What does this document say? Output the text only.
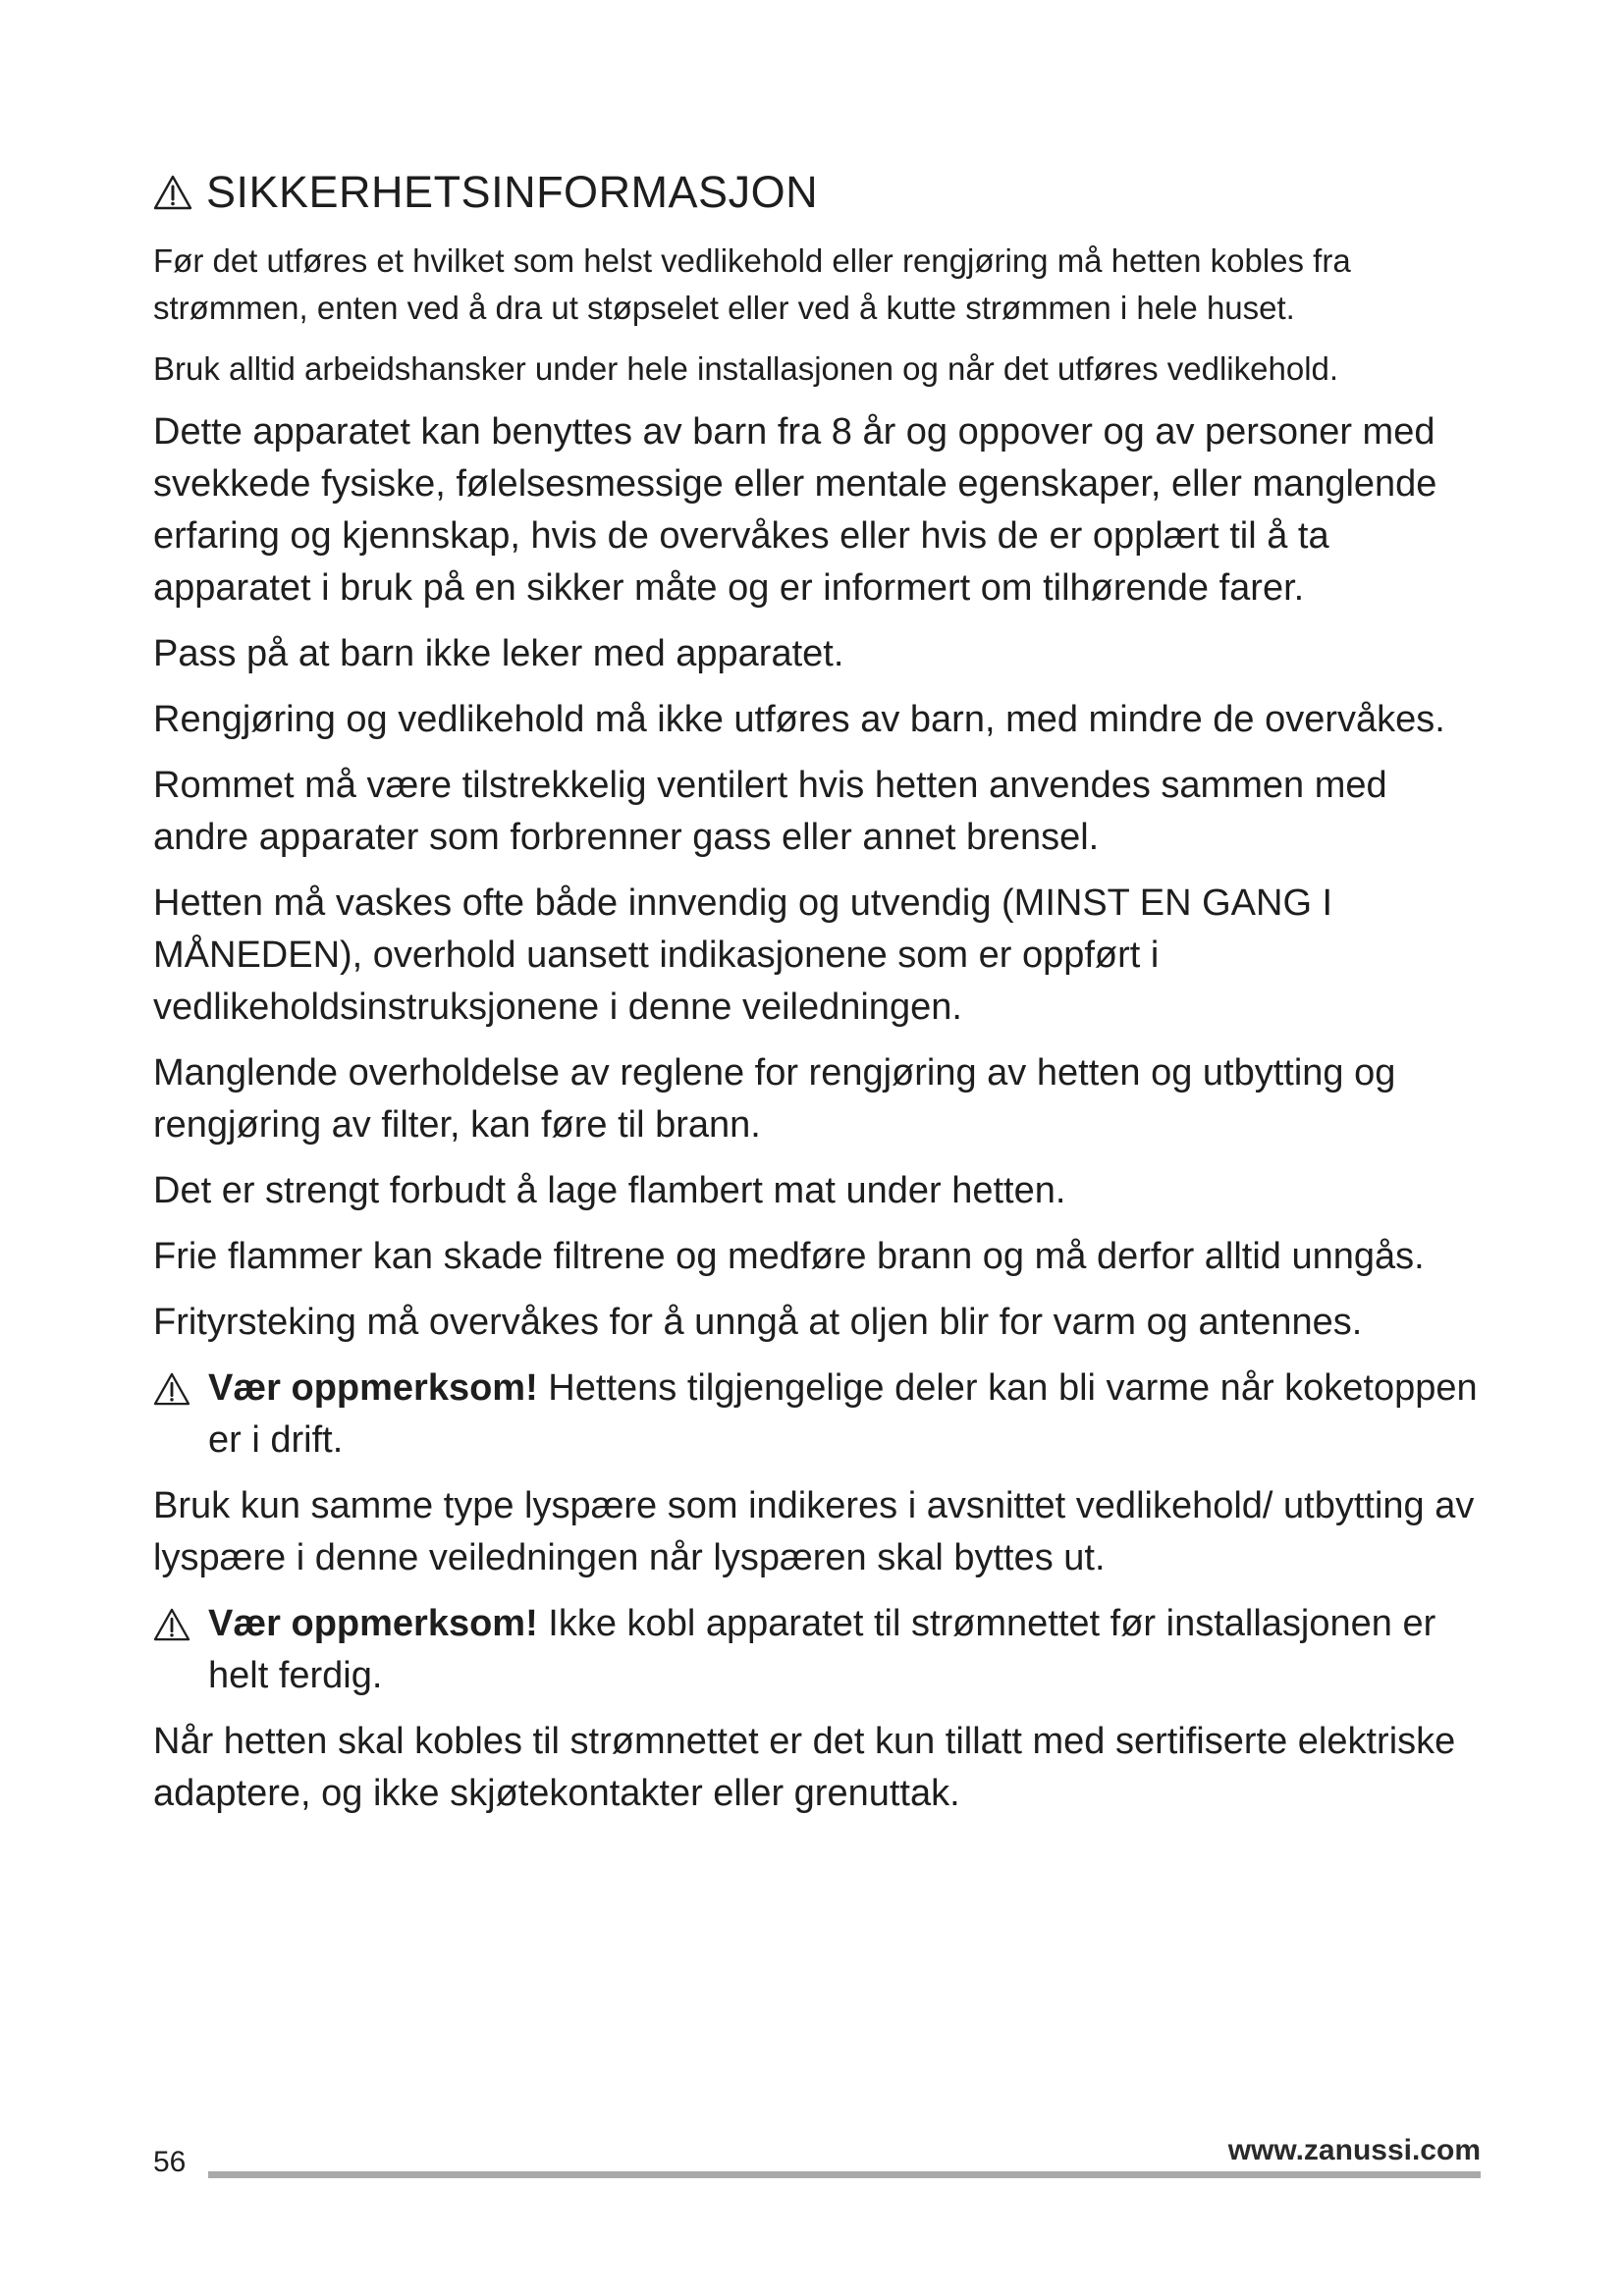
SIKKERHETSINFORMASJON

Før det utføres et hvilket som helst vedlikehold eller rengjøring må hetten kobles fra strømmen, enten ved å dra ut støpselet eller ved å kutte strømmen i hele huset.

Bruk alltid arbeidshansker under hele installasjonen og når det utføres vedlikehold.

Dette apparatet kan benyttes av barn fra 8 år og oppover og av personer med svekkede fysiske, følelsesmessige eller mentale egenskaper, eller manglende erfaring og kjennskap, hvis de overvåkes eller hvis de er opplært til å ta apparatet i bruk på en sikker måte og er informert om tilhørende farer.

Pass på at barn ikke leker med apparatet.

Rengjøring og vedlikehold må ikke utføres av barn, med mindre de overvåkes.

Rommet må være tilstrekkelig ventilert hvis hetten anvendes sammen med andre apparater som forbrenner gass eller annet brensel.

Hetten må vaskes ofte både innvendig og utvendig (MINST EN GANG I MÅNEDEN), overhold uansett indikasjonene som er oppført i vedlikeholdsinstruksjonene i denne veiledningen.

Manglende overholdelse av reglene for rengjøring av hetten og utbytting og rengjøring av filter, kan føre til brann.

Det er strengt forbudt å lage flambert mat under hetten.

Frie flammer kan skade filtrene og medføre brann og må derfor alltid unngås.

Frityrsteking må overvåkes for å unngå at oljen blir for varm og antennes.

Vær oppmerksom! Hettens tilgjengelige deler kan bli varme når koketoppen er i drift.

Bruk kun samme type lyspære som indikeres i avsnittet vedlikehold/ utbytting av lyspære i denne veiledningen når lyspæren skal byttes ut.

Vær oppmerksom! Ikke kobl apparatet til strømnettet før installasjonen er helt ferdig.

Når hetten skal kobles til strømnettet er det kun tillatt med sertifiserte elektriske adaptere, og ikke skjøtekontakter eller grenuttak.

56	www.zanussi.com
